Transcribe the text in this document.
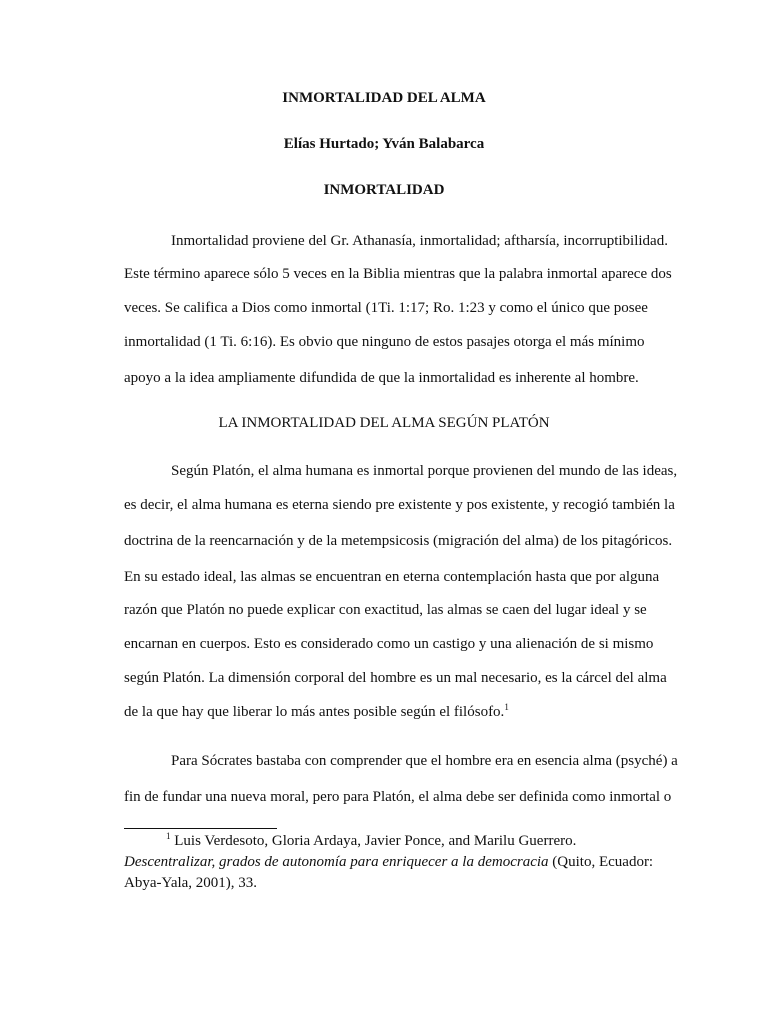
INMORTALIDAD DEL ALMA
Elías Hurtado; Yván Balabarca
INMORTALIDAD
Inmortalidad proviene del Gr. Athanasía, inmortalidad; aftharsía, incorruptibilidad.
Este término aparece sólo 5 veces en la Biblia mientras que la palabra inmortal aparece dos
veces. Se califica a Dios como inmortal (1Ti. 1:17; Ro. 1:23 y como el único que posee
inmortalidad (1 Ti. 6:16). Es obvio que ninguno de estos pasajes otorga el más mínimo
apoyo a la idea ampliamente difundida de que la inmortalidad es inherente al hombre.
LA INMORTALIDAD DEL ALMA SEGÚN PLATÓN
Según Platón, el alma humana es inmortal porque provienen del mundo de las ideas,
es decir, el alma humana es eterna siendo pre existente y pos existente, y recogió también la
doctrina de la reencarnación y de la metempsicosis (migración del alma) de los pitagóricos.
En su estado ideal, las almas se encuentran en eterna contemplación hasta que por alguna
razón que Platón no puede explicar con exactitud, las almas se caen del lugar ideal y se
encarnan en cuerpos. Esto es considerado como un castigo y una alienación de si mismo
según Platón. La dimensión corporal del hombre es un mal necesario, es la cárcel del alma
de la que hay que liberar lo más antes posible según el filósofo.$^1$
Para Sócrates bastaba con comprender que el hombre era en esencia alma (psyché) a
fin de fundar una nueva moral, pero para Platón, el alma debe ser definida como inmortal o
$^1$ Luis Verdesoto, Gloria Ardaya, Javier Ponce, and Marilu Guerrero.
Descentralizar, grados de autonomía para enriquecer a la democracia (Quito, Ecuador:
Abya-Yala, 2001), 33.
